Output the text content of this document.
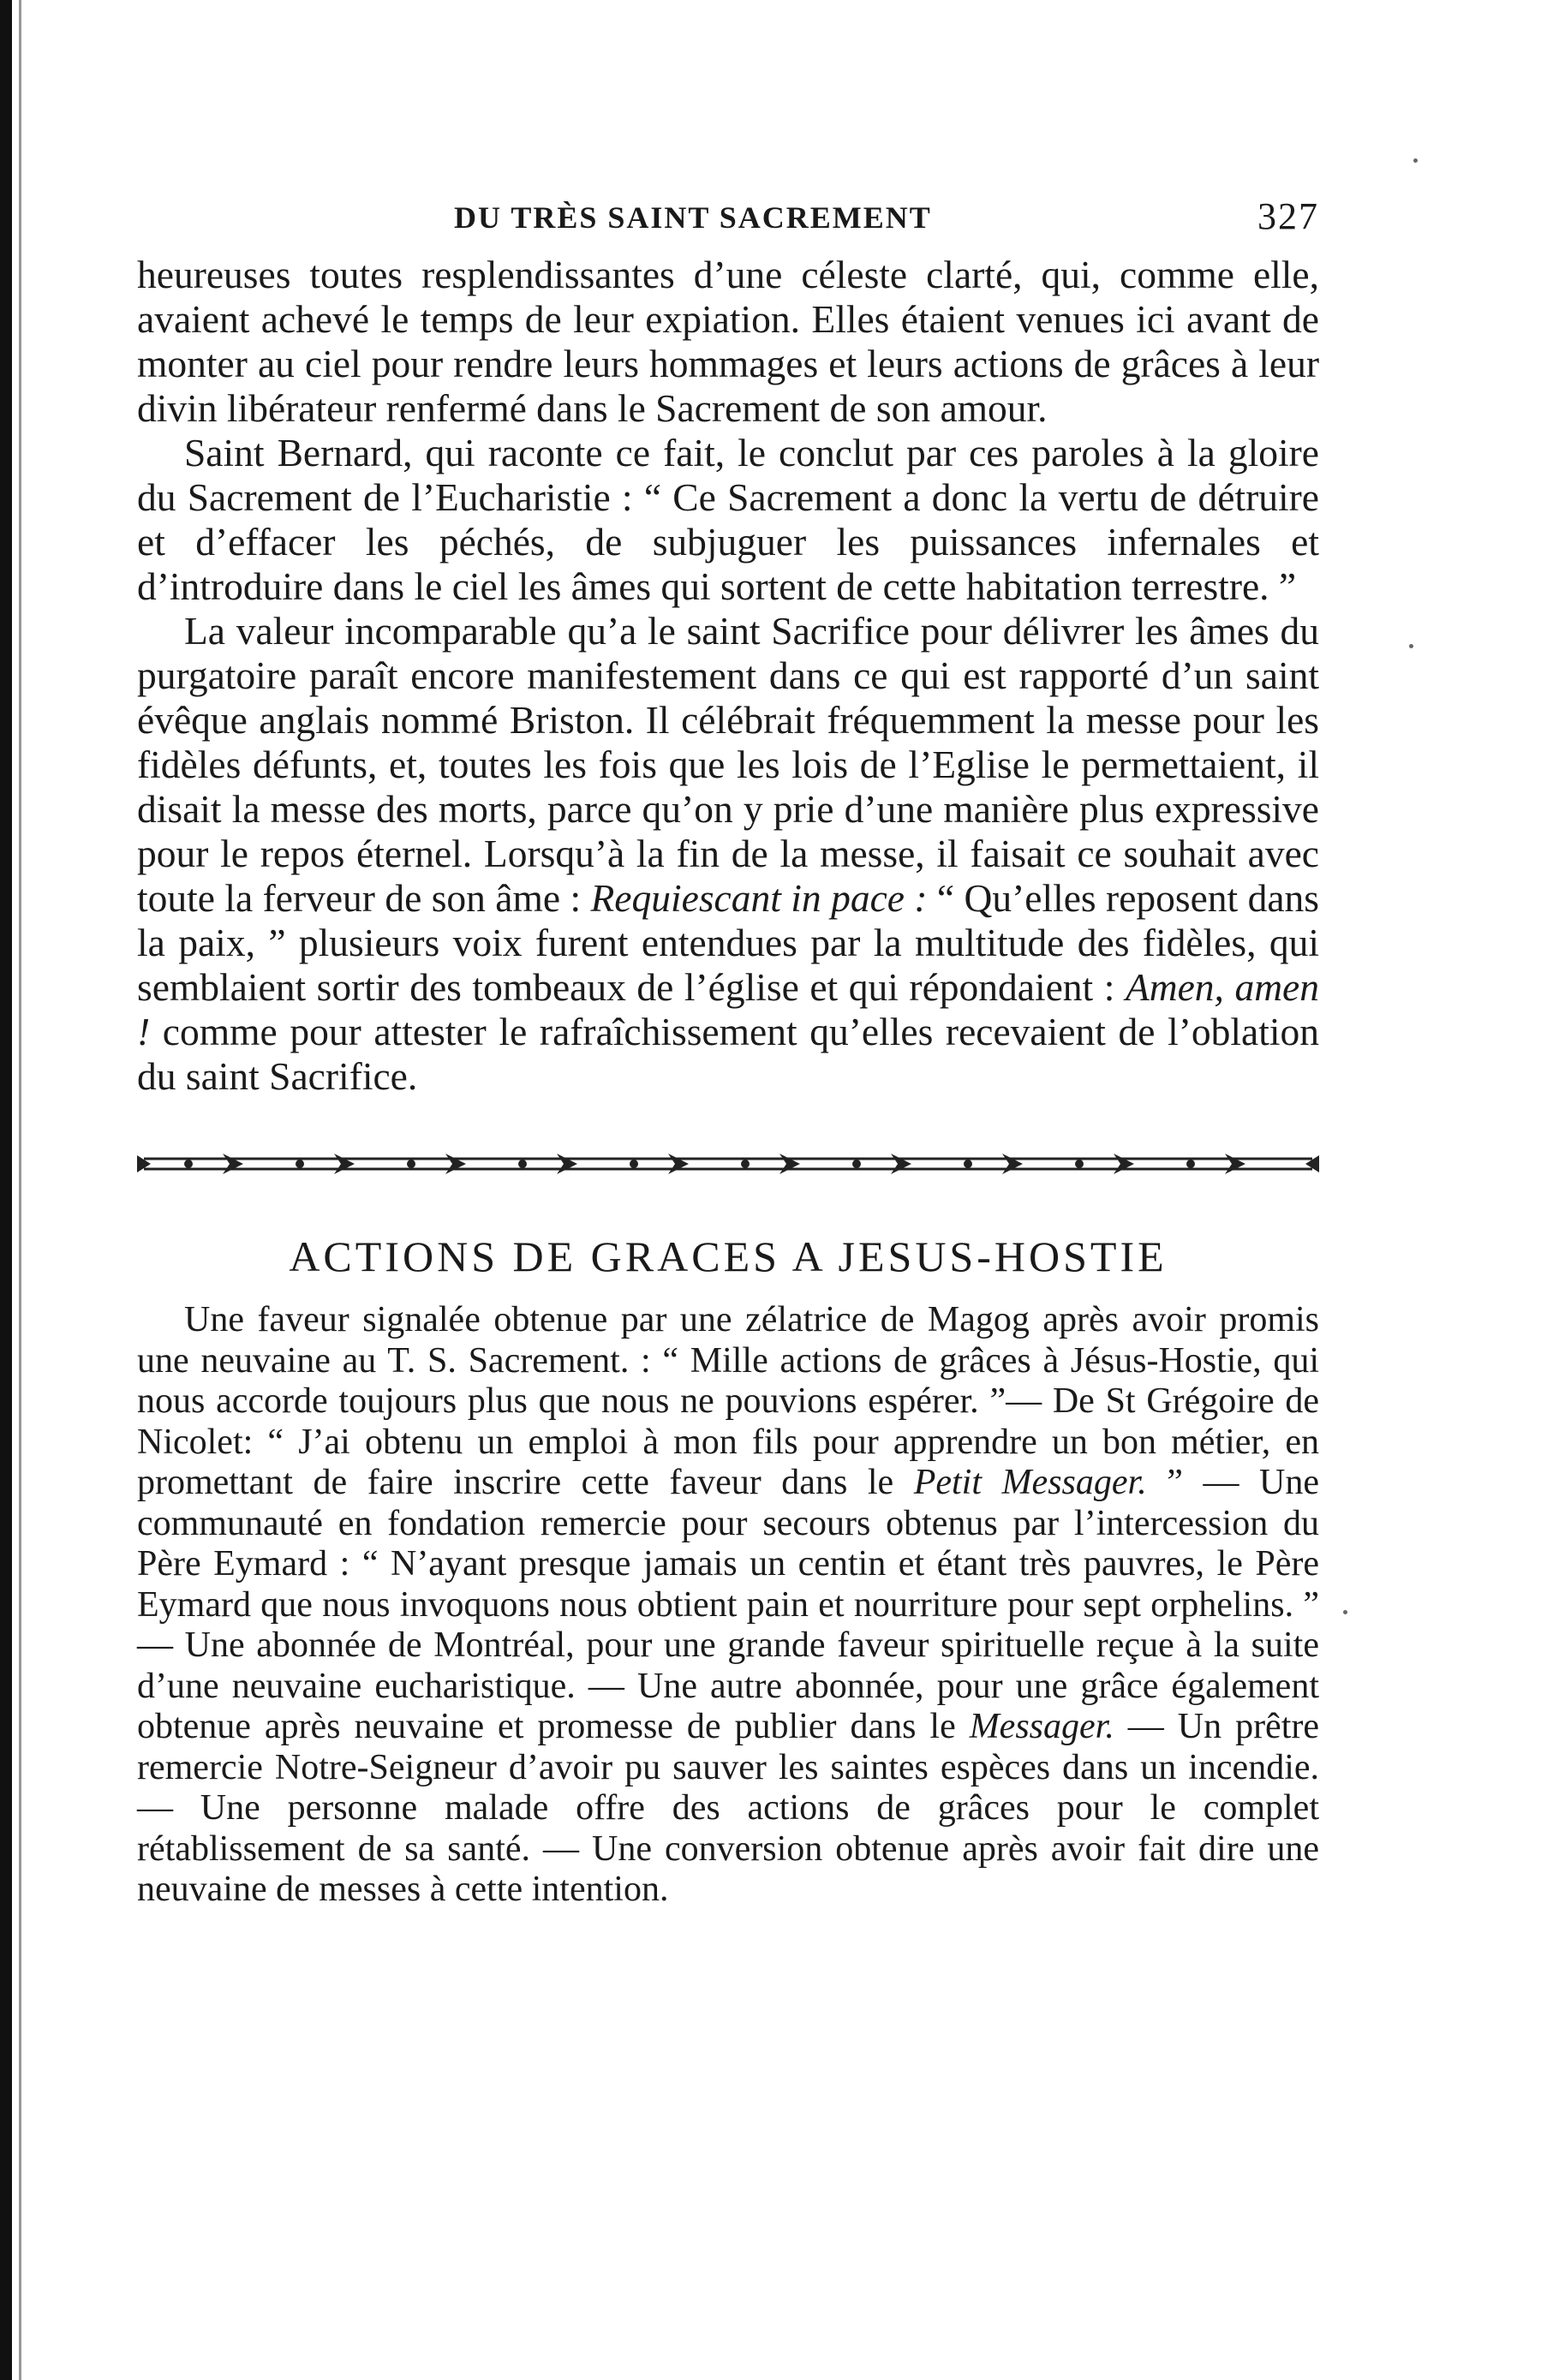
DU TRÈS SAINT SACREMENT	327

heureuses toutes resplendissantes d’une céleste clarté, qui, comme elle, avaient achevé le temps de leur expiation. Elles étaient venues ici avant de monter au ciel pour rendre leurs hommages et leurs actions de grâces à leur divin libérateur renfermé dans le Sacrement de son amour.

Saint Bernard, qui raconte ce fait, le conclut par ces paroles à la gloire du Sacrement de l’Eucharistie : “ Ce Sacrement a donc la vertu de détruire et d’effacer les péchés, de subjuguer les puissances infernales et d’introduire dans le ciel les âmes qui sortent de cette habitation terrestre. ”

La valeur incomparable qu’a le saint Sacrifice pour délivrer les âmes du purgatoire paraît encore manifestement dans ce qui est rapporté d’un saint évêque anglais nommé Briston. Il célébrait fréquemment la messe pour les fidèles défunts, et, toutes les fois que les lois de l’Eglise le permettaient, il disait la messe des morts, parce qu’on y prie d’une manière plus expressive pour le repos éternel. Lorsqu’à la fin de la messe, il faisait ce souhait avec toute la ferveur de son âme : Requiescant in pace : “ Qu’elles reposent dans la paix, ” plusieurs voix furent entendues par la multitude des fidèles, qui semblaient sortir des tombeaux de l’église et qui répondaient : Amen, amen ! comme pour attester le rafraîchissement qu’elles recevaient de l’oblation du saint Sacrifice.

ACTIONS DE GRACES A JESUS-HOSTIE

Une faveur signalée obtenue par une zélatrice de Magog après avoir promis une neuvaine au T. S. Sacrement. : “ Mille actions de grâces à Jésus-Hostie, qui nous accorde toujours plus que nous ne pouvions espérer. ”— De St Grégoire de Nicolet: “ J’ai obtenu un emploi à mon fils pour apprendre un bon métier, en promettant de faire inscrire cette faveur dans le Petit Messager. ” — Une communauté en fondation remercie pour secours obtenus par l’intercession du Père Eymard : “ N’ayant presque jamais un centin et étant très pauvres, le Père Eymard que nous invoquons nous obtient pain et nourriture pour sept orphelins. ” — Une abonnée de Montréal, pour une grande faveur spirituelle reçue à la suite d’une neuvaine eucharistique. — Une autre abonnée, pour une grâce également obtenue après neuvaine et promesse de publier dans le Messager. — Un prêtre remercie Notre-Seigneur d’avoir pu sauver les saintes espèces dans un incendie. — Une personne malade offre des actions de grâces pour le complet rétablissement de sa santé. — Une conversion obtenue après avoir fait dire une neuvaine de messes à cette intention.
